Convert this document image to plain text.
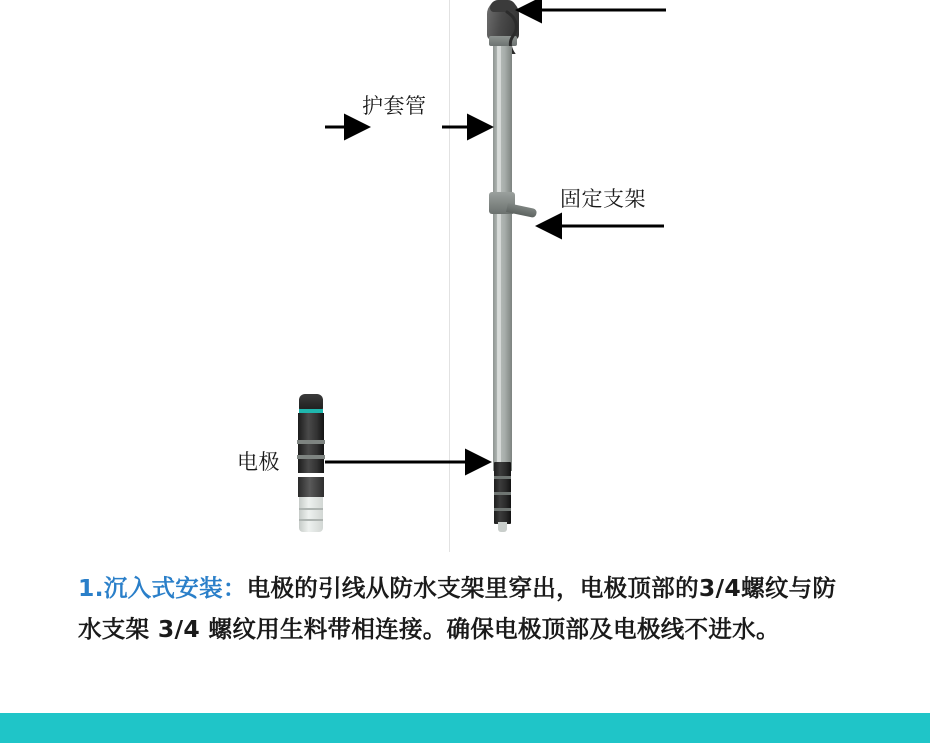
护套管
固定支架
电极
1.沉入式安装：电极的引线从防水支架里穿出，电极顶部的3/4螺纹与防水支架 3/4 螺纹用生料带相连接。确保电极顶部及电极线不进水。
